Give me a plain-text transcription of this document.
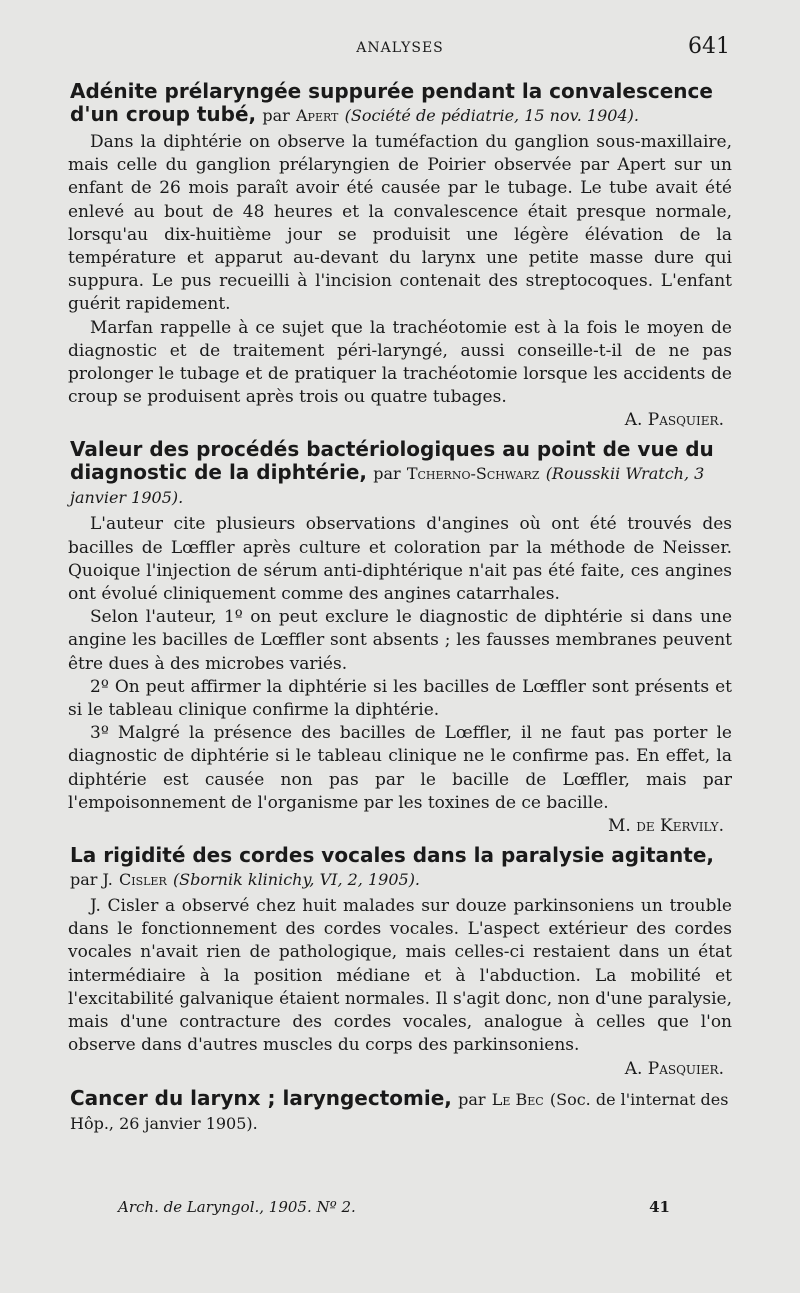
ANALYSES	641
Adénite prélaryngée suppurée pendant la convalescence d'un croup tubé, par Apert (Société de pédiatrie, 15 nov. 1904).

Dans la diphtérie on observe la tuméfaction du ganglion sous-maxillaire, mais celle du ganglion prélaryngien de Poirier observée par Apert sur un enfant de 26 mois paraît avoir été causée par le tubage. Le tube avait été enlevé au bout de 48 heures et la convalescence était presque normale, lorsqu'au dix-huitième jour se produisit une légère élévation de la température et apparut au-devant du larynx une petite masse dure qui suppura. Le pus recueilli à l'incision contenait des streptocoques. L'enfant guérit rapidement.

Marfan rappelle à ce sujet que la trachéotomie est à la fois le moyen de diagnostic et de traitement péri-laryngé, aussi conseille-t-il de ne pas prolonger le tubage et de pratiquer la trachéotomie lorsque les accidents de croup se produisent après trois ou quatre tubages.

A. Pasquier.

Valeur des procédés bactériologiques au point de vue du diagnostic de la diphtérie, par Tcherno-Schwarz (Rousskii Wratch, 3 janvier 1905).

L'auteur cite plusieurs observations d'angines où ont été trouvés des bacilles de Lœffler après culture et coloration par la méthode de Neisser. Quoique l'injection de sérum anti-diphtérique n'ait pas été faite, ces angines ont évolué cliniquement comme des angines catarrhales.

Selon l'auteur, 1º on peut exclure le diagnostic de diphtérie si dans une angine les bacilles de Lœffler sont absents ; les fausses membranes peuvent être dues à des microbes variés.

2º On peut affirmer la diphtérie si les bacilles de Lœffler sont présents et si le tableau clinique confirme la diphtérie.

3º Malgré la présence des bacilles de Lœffler, il ne faut pas porter le diagnostic de diphtérie si le tableau clinique ne le confirme pas. En effet, la diphtérie est causée non pas par le bacille de Lœffler, mais par l'empoisonnement de l'organisme par les toxines de ce bacille.

M. de Kervily.

La rigidité des cordes vocales dans la paralysie agitante, par J. Cisler (Sbornik klinichy, VI, 2, 1905).

J. Cisler a observé chez huit malades sur douze parkinsoniens un trouble dans le fonctionnement des cordes vocales. L'aspect extérieur des cordes vocales n'avait rien de pathologique, mais celles-ci restaient dans un état intermédiaire à la position médiane et à l'abduction. La mobilité et l'excitabilité galvanique étaient normales. Il s'agit donc, non d'une paralysie, mais d'une contracture des cordes vocales, analogue à celles que l'on observe dans d'autres muscles du corps des parkinsoniens.

A. Pasquier.

Cancer du larynx ; laryngectomie, par Le Bec (Soc. de l'internat des Hôp., 26 janvier 1905).
Arch. de Laryngol., 1905. Nº 2.	41
